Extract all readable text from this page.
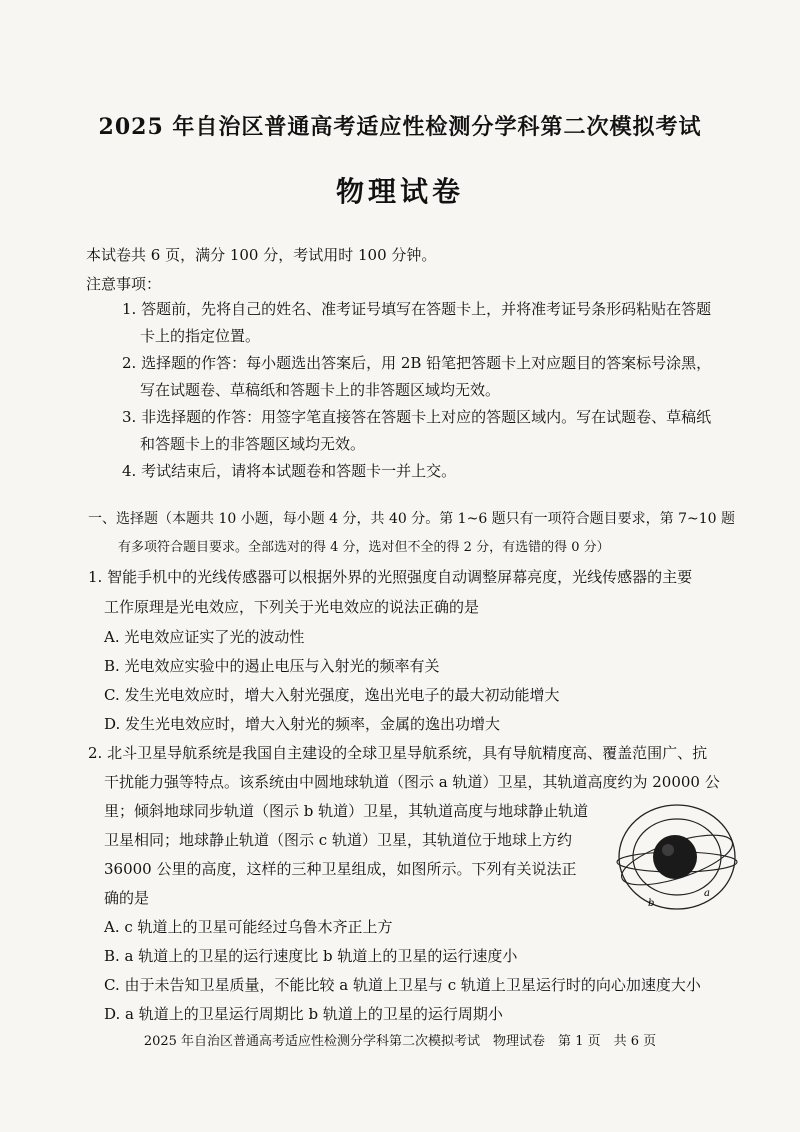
2025 年自治区普通高考适应性检测分学科第二次模拟考试
物理试卷
本试卷共 6 页，满分 100 分，考试用时 100 分钟。
注意事项：
1. 答题前，先将自己的姓名、准考证号填写在答题卡上，并将准考证号条形码粘贴在答题
卡上的指定位置。
2. 选择题的作答：每小题选出答案后，用 2B 铅笔把答题卡上对应题目的答案标号涂黑，
写在试题卷、草稿纸和答题卡上的非答题区域均无效。
3. 非选择题的作答：用签字笔直接答在答题卡上对应的答题区域内。写在试题卷、草稿纸
和答题卡上的非答题区域均无效。
4. 考试结束后，请将本试题卷和答题卡一并上交。
一、选择题（本题共 10 小题，每小题 4 分，共 40 分。第 1~6 题只有一项符合题目要求，第 7~10 题
有多项符合题目要求。全部选对的得 4 分，选对但不全的得 2 分，有选错的得 0 分）
1. 智能手机中的光线传感器可以根据外界的光照强度自动调整屏幕亮度，光线传感器的主要
工作原理是光电效应，下列关于光电效应的说法正确的是
A. 光电效应证实了光的波动性
B. 光电效应实验中的遏止电压与入射光的频率有关
C. 发生光电效应时，增大入射光强度，逸出光电子的最大初动能增大
D. 发生光电效应时，增大入射光的频率，金属的逸出功增大
2. 北斗卫星导航系统是我国自主建设的全球卫星导航系统，具有导航精度高、覆盖范围广、抗
干扰能力强等特点。该系统由中圆地球轨道（图示 a 轨道）卫星，其轨道高度约为 20000 公
里；倾斜地球同步轨道（图示 b 轨道）卫星，其轨道高度与地球静止轨道
卫星相同；地球静止轨道（图示 c 轨道）卫星，其轨道位于地球上方约
36000 公里的高度，这样的三种卫星组成，如图所示。下列有关说法正
确的是
A. c 轨道上的卫星可能经过乌鲁木齐正上方
B. a 轨道上的卫星的运行速度比 b 轨道上的卫星的运行速度小
C. 由于未告知卫星质量，不能比较 a 轨道上卫星与 c 轨道上卫星运行时的向心加速度大小
D. a 轨道上的卫星运行周期比 b 轨道上的卫星的运行周期小
a
b
2025 年自治区普通高考适应性检测分学科第二次模拟考试　物理试卷　第 1 页　共 6 页
